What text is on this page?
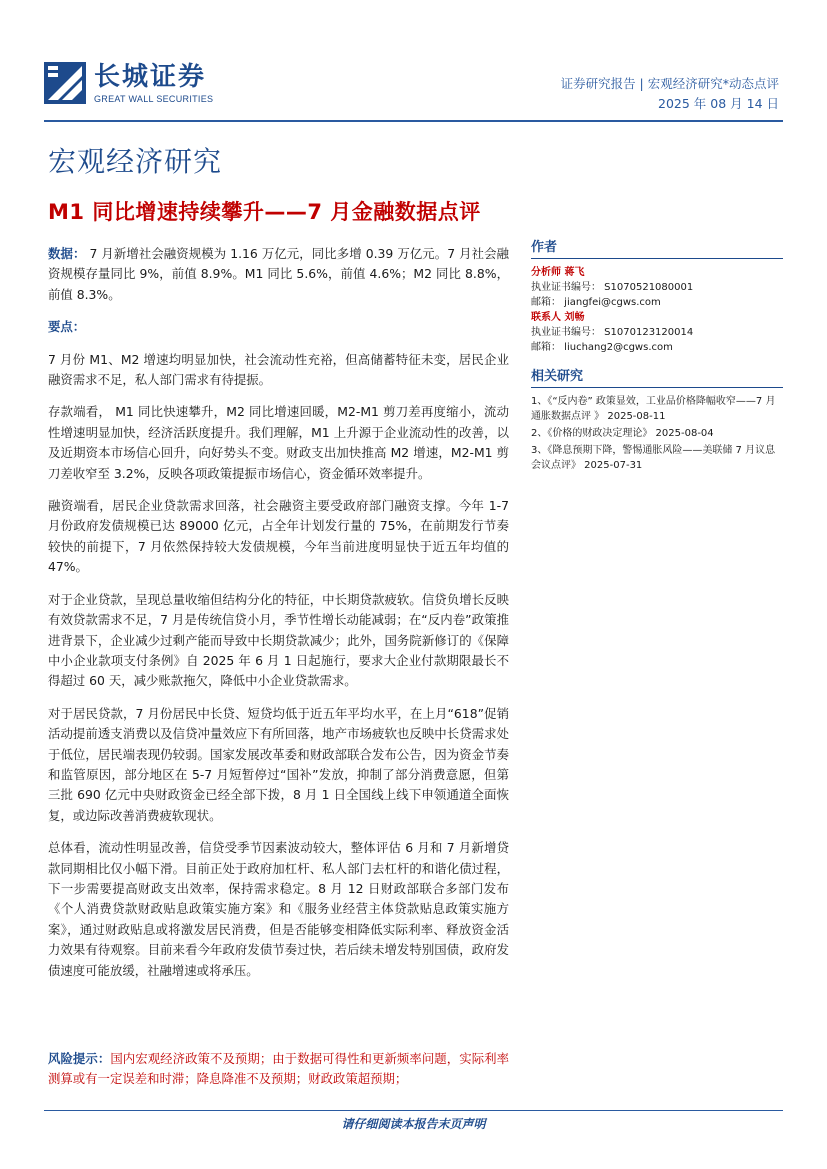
长城证券
GREAT WALL SECURITIES
证券研究报告 | 宏观经济研究*动态点评
2025 年 08 月 14 日
宏观经济研究
M1 同比增速持续攀升——7 月金融数据点评

数据： 7 月新增社会融资规模为 1.16 万亿元，同比多增 0.39 万亿元。7 月社会融资规模存量同比 9%，前值 8.9%。M1 同比 5.6%，前值 4.6%；M2 同比 8.8%，前值 8.3%。

要点：

7 月份 M1、M2 增速均明显加快，社会流动性充裕，但高储蓄特征未变，居民企业融资需求不足，私人部门需求有待提振。

存款端看， M1 同比快速攀升，M2 同比增速回暖，M2-M1 剪刀差再度缩小，流动性增速明显加快，经济活跃度提升。我们理解，M1 上升源于企业流动性的改善，以及近期资本市场信心回升，向好势头不变。财政支出加快推高 M2 增速，M2-M1 剪刀差收窄至 3.2%，反映各项政策提振市场信心，资金循环效率提升。

融资端看，居民企业贷款需求回落，社会融资主要受政府部门融资支撑。今年 1-7 月份政府发债规模已达 89000 亿元，占全年计划发行量的 75%，在前期发行节奏较快的前提下，7 月依然保持较大发债规模，今年当前进度明显快于近五年均值的 47%。

对于企业贷款，呈现总量收缩但结构分化的特征，中长期贷款疲软。信贷负增长反映有效贷款需求不足，7 月是传统信贷小月，季节性增长动能减弱；在“反内卷”政策推进背景下，企业减少过剩产能而导致中长期贷款减少；此外，国务院新修订的《保障中小企业款项支付条例》自 2025 年 6 月 1 日起施行，要求大企业付款期限最长不得超过 60 天，减少账款拖欠，降低中小企业贷款需求。

对于居民贷款，7 月份居民中长贷、短贷均低于近五年平均水平，在上月“618”促销活动提前透支消费以及信贷冲量效应下有所回落，地产市场疲软也反映中长贷需求处于低位，居民端表现仍较弱。国家发展改革委和财政部联合发布公告，因为资金节奏和监管原因，部分地区在 5-7 月短暂停过“国补”发放，抑制了部分消费意愿，但第三批 690 亿元中央财政资金已经全部下拨，8 月 1 日全国线上线下申领通道全面恢复，或边际改善消费疲软现状。

总体看，流动性明显改善，信贷受季节因素波动较大，整体评估 6 月和 7 月新增贷款同期相比仅小幅下滑。目前正处于政府加杠杆、私人部门去杠杆的和谐化债过程，下一步需要提高财政支出效率，保持需求稳定。8 月 12 日财政部联合多部门发布《个人消费贷款财政贴息政策实施方案》和《服务业经营主体贷款贴息政策实施方案》，通过财政贴息或将激发居民消费，但是否能够变相降低实际利率、释放资金活力效果有待观察。目前来看今年政府发债节奏过快，若后续未增发特别国债，政府发债速度可能放缓，社融增速或将承压。

风险提示：国内宏观经济政策不及预期；由于数据可得性和更新频率问题，实际利率测算或有一定误差和时滞；降息降准不及预期；财政政策超预期；
作者
分析师 蒋飞
执业证书编号： S1070521080001
邮箱： jiangfei@cgws.com
联系人 刘畅
执业证书编号： S1070123120014
邮箱： liuchang2@cgws.com
相关研究
1、《“反内卷” 政策显效，工业品价格降幅收窄——7 月通胀数据点评 》 2025-08-11
2、《价格的财政决定理论》 2025-08-04
3、《降息预期下降，警惕通胀风险——美联储 7 月议息会议点评》 2025-07-31
请仔细阅读本报告末页声明
